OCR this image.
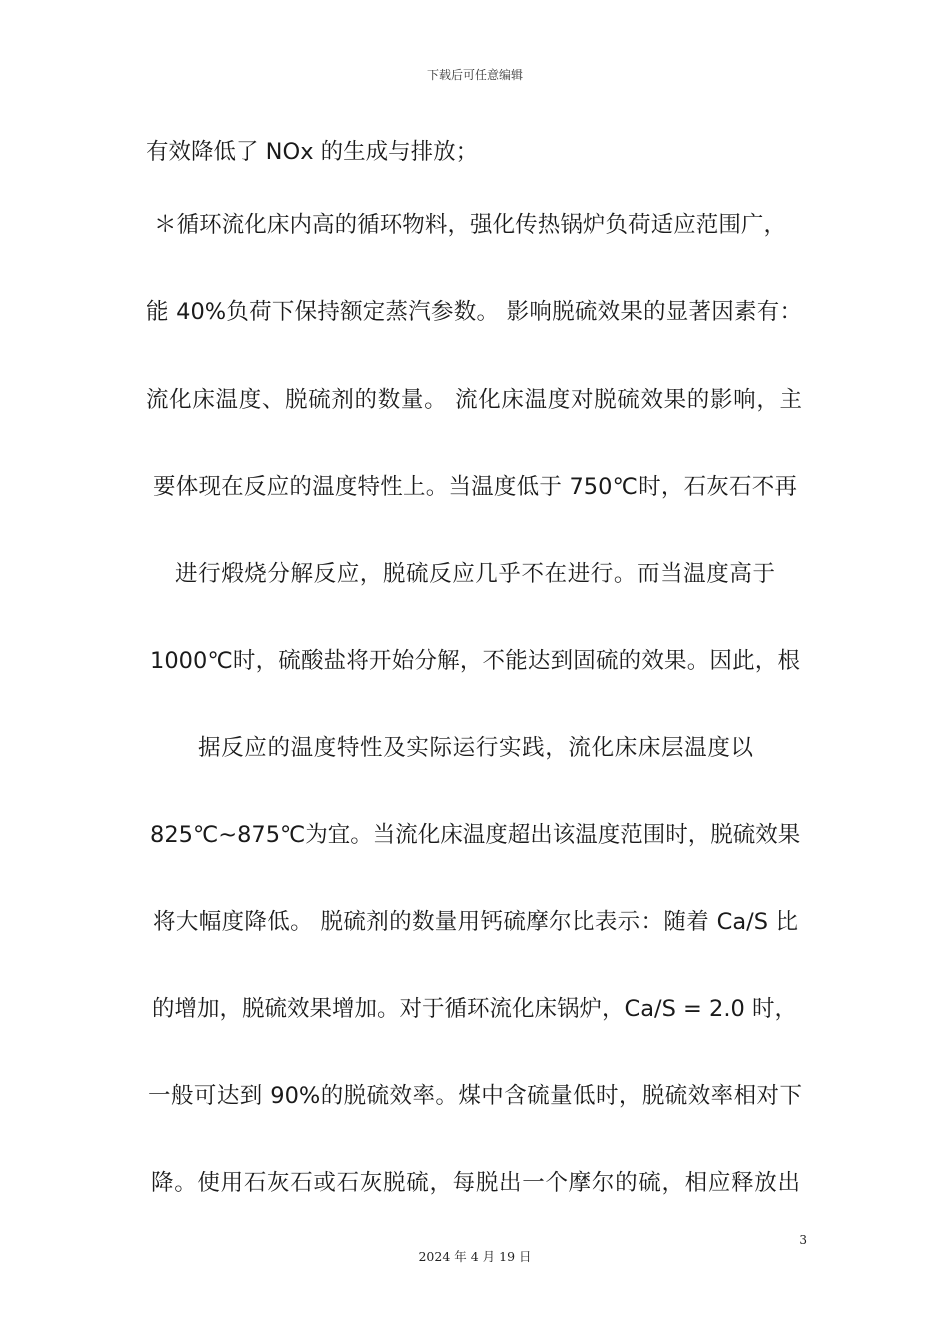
下载后可任意编辑
有效降低了 NOx 的生成与排放；
＊循环流化床内高的循环物料，强化传热锅炉负荷适应范围广，
能 40%负荷下保持额定蒸汽参数。 影响脱硫效果的显著因素有：
流化床温度、脱硫剂的数量。 流化床温度对脱硫效果的影响，主
要体现在反应的温度特性上。当温度低于 750℃时，石灰石不再
进行煅烧分解反应，脱硫反应几乎不在进行。而当温度高于
1000℃时，硫酸盐将开始分解，不能达到固硫的效果。因此，根
据反应的温度特性及实际运行实践，流化床床层温度以
825℃~875℃为宜。当流化床温度超出该温度范围时，脱硫效果
将大幅度降低。 脱硫剂的数量用钙硫摩尔比表示：随着 Ca/S 比
的增加，脱硫效果增加。对于循环流化床锅炉，Ca/S = 2.0 时，
一般可达到 90%的脱硫效率。煤中含硫量低时，脱硫效率相对下
降。使用石灰石或石灰脱硫，每脱出一个摩尔的硫，相应释放出
3
2024 年 4 月 19 日
